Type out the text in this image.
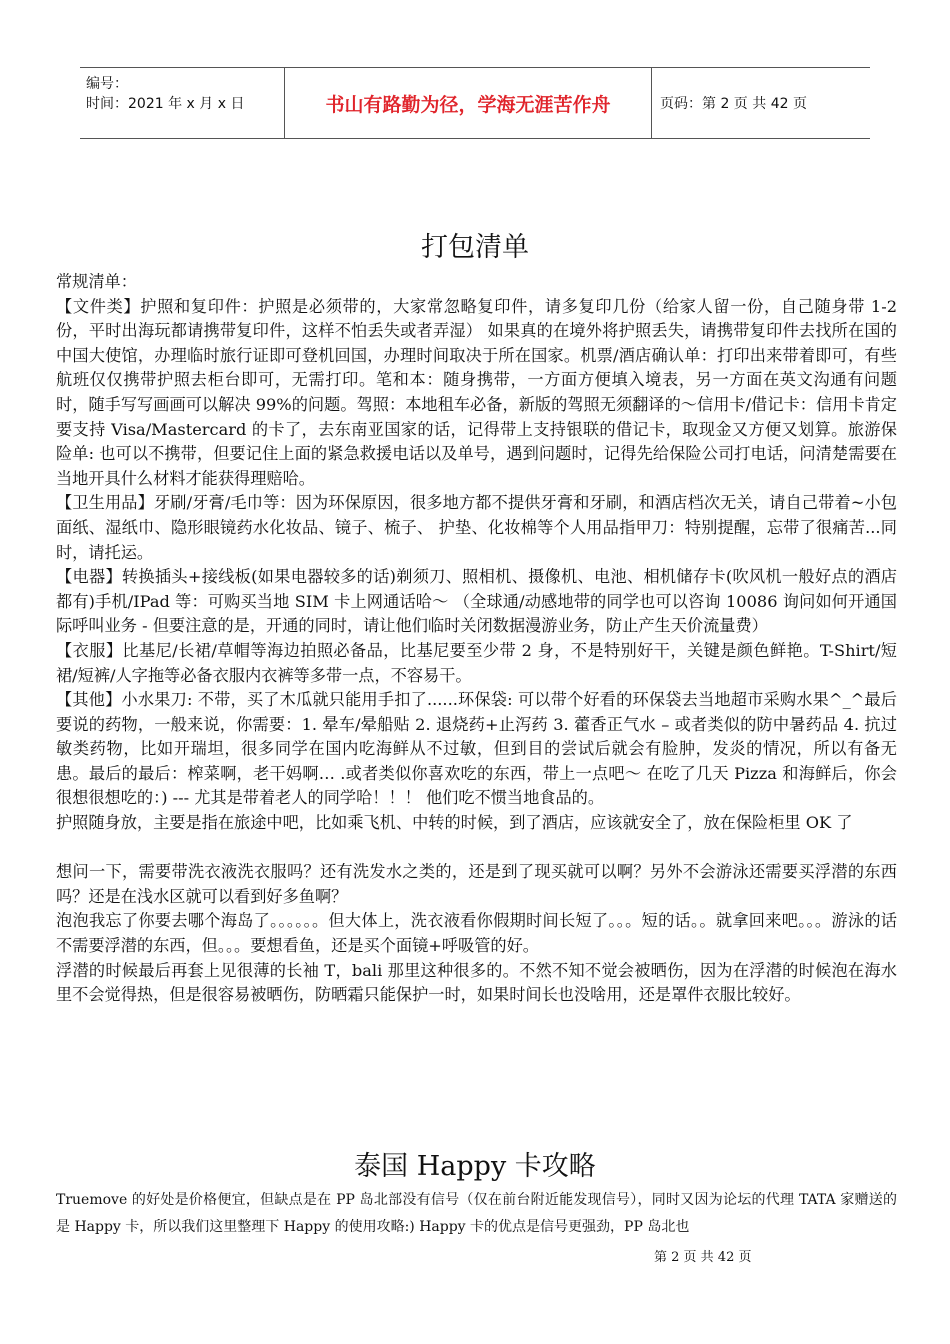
编号：
时间：2021 年 x 月 x 日	书山有路勤为径，学海无涯苦作舟	页码：第 2 页 共 42 页
打包清单

常规清单：

【文件类】护照和复印件：护照是必须带的，大家常忽略复印件，请多复印几份（给家人留一份，自己随身带 1-2 份，平时出海玩都请携带复印件，这样不怕丢失或者弄湿） 如果真的在境外将护照丢失，请携带复印件去找所在国的中国大使馆，办理临时旅行证即可登机回国，办理时间取决于所在国家。机票/酒店确认单：打印出来带着即可，有些航班仅仅携带护照去柜台即可，无需打印。笔和本：随身携带，一方面方便填入境表，另一方面在英文沟通有问题时，随手写写画画可以解决 99%的问题。驾照：本地租车必备，新版的驾照无须翻译的～信用卡/借记卡：信用卡肯定要支持 Visa/Mastercard 的卡了，去东南亚国家的话，记得带上支持银联的借记卡，取现金又方便又划算。旅游保险单: 也可以不携带，但要记住上面的紧急救援电话以及单号，遇到问题时，记得先给保险公司打电话，问清楚需要在当地开具什么材料才能获得理赔哈。

【卫生用品】牙刷/牙膏/毛巾等：因为环保原因，很多地方都不提供牙膏和牙刷，和酒店档次无关，请自己带着~小包面纸、湿纸巾、隐形眼镜药水化妆品、镜子、梳子、 护垫、化妆棉等个人用品指甲刀：特别提醒，忘带了很痛苦...同时，请托运。

【电器】转换插头+接线板(如果电器较多的话)剃须刀、照相机、摄像机、电池、相机储存卡(吹风机一般好点的酒店都有)手机/IPad 等：可购买当地 SIM 卡上网通话哈～ （全球通/动感地带的同学也可以咨询 10086 询问如何开通国际呼叫业务 - 但要注意的是，开通的同时，请让他们临时关闭数据漫游业务，防止产生天价流量费）

【衣服】比基尼/长裙/草帽等海边拍照必备品，比基尼要至少带 2 身，不是特别好干，关键是颜色鲜艳。T-Shirt/短裙/短裤/人字拖等必备衣服内衣裤等多带一点，不容易干。

【其他】小水果刀: 不带，买了木瓜就只能用手扣了......环保袋: 可以带个好看的环保袋去当地超市采购水果^_^最后要说的药物，一般来说，你需要：1. 晕车/晕船贴 2. 退烧药+止泻药 3. 藿香正气水 – 或者类似的防中暑药品 4. 抗过敏类药物，比如开瑞坦，很多同学在国内吃海鲜从不过敏，但到目的尝试后就会有脸肿，发炎的情况，所以有备无患。最后的最后：榨菜啊，老干妈啊… .或者类似你喜欢吃的东西，带上一点吧～ 在吃了几天 Pizza 和海鲜后，你会很想很想吃的：) --- 尤其是带着老人的同学哈！！！ 他们吃不惯当地食品的。

护照随身放，主要是指在旅途中吧，比如乘飞机、中转的时候，到了酒店，应该就安全了，放在保险柜里 OK 了

想问一下，需要带洗衣液洗衣服吗？还有洗发水之类的，还是到了现买就可以啊？另外不会游泳还需要买浮潜的东西吗？还是在浅水区就可以看到好多鱼啊？

泡泡我忘了你要去哪个海岛了。。。。。。但大体上，洗衣液看你假期时间长短了。。。短的话。。就拿回来吧。。。游泳的话不需要浮潜的东西，但。。。要想看鱼，还是买个面镜+呼吸管的好。

浮潜的时候最后再套上见很薄的长袖 T，bali 那里这种很多的。不然不知不觉会被晒伤，因为在浮潜的时候泡在海水里不会觉得热，但是很容易被晒伤，防晒霜只能保护一时，如果时间长也没啥用，还是罩件衣服比较好。

泰国 Happy 卡攻略
Truemove 的好处是价格便宜，但缺点是在 PP 岛北部没有信号（仅在前台附近能发现信号），同时又因为论坛的代理 TATA 家赠送的是 Happy 卡，所以我们这里整理下 Happy 的使用攻略:) Happy 卡的优点是信号更强劲，PP 岛北也
第 2 页 共 42 页
